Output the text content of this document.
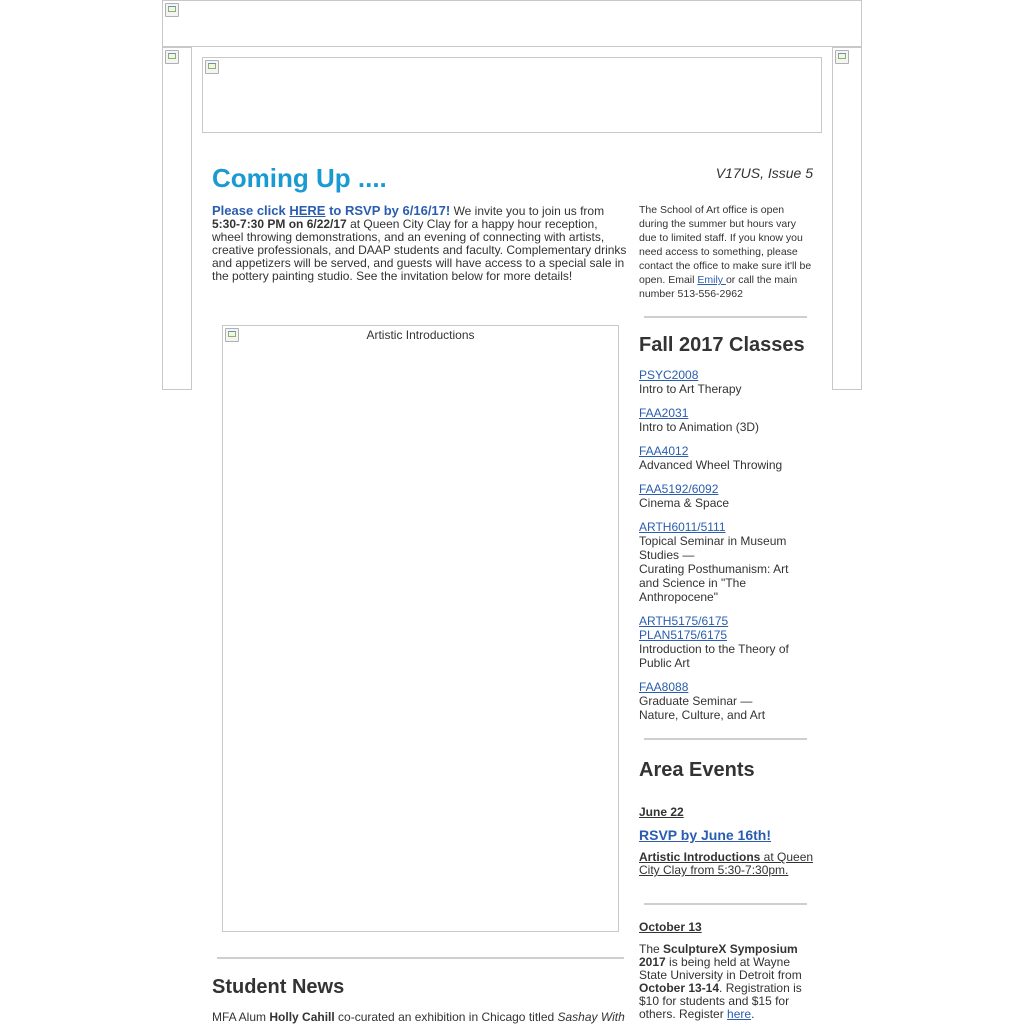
Coming Up ....	V17US, Issue 5
Please click HERE to RSVP by 6/16/17! We invite you to join us from 5:30-7:30 PM on 6/22/17 at Queen City Clay for a happy hour reception, wheel throwing demonstrations, and an evening of connecting with artists, creative professionals, and DAAP students and faculty. Complementary drinks and appetizers will be served, and guests will have access to a special sale in the pottery painting studio. See the invitation below for more details!
Artistic Introductions
Student News
MFA Alum Holly Cahill co-curated an exhibition in Chicago titled Sashay With
The School of Art office is open during the summer but hours vary due to limited staff. If you know you need access to something, please contact the office to make sure it'll be open. Email Emily or call the main number 513-556-2962
Fall 2017 Classes
PSYC2008
Intro to Art Therapy
FAA2031
Intro to Animation (3D)
FAA4012
Advanced Wheel Throwing
FAA5192/6092
Cinema & Space
ARTH6011/5111
Topical Seminar in Museum Studies —
Curating Posthumanism: Art and Science in "The Anthropocene"
ARTH5175/6175
PLAN5175/6175
Introduction to the Theory of Public Art
FAA8088
Graduate Seminar —
Nature, Culture, and Art
Area Events
June 22
RSVP by June 16th!
Artistic Introductions at Queen City Clay from 5:30-7:30pm.
October 13
The SculptureX Symposium 2017 is being held at Wayne State University in Detroit from October 13-14. Registration is $10 for students and $15 for others. Register here.
